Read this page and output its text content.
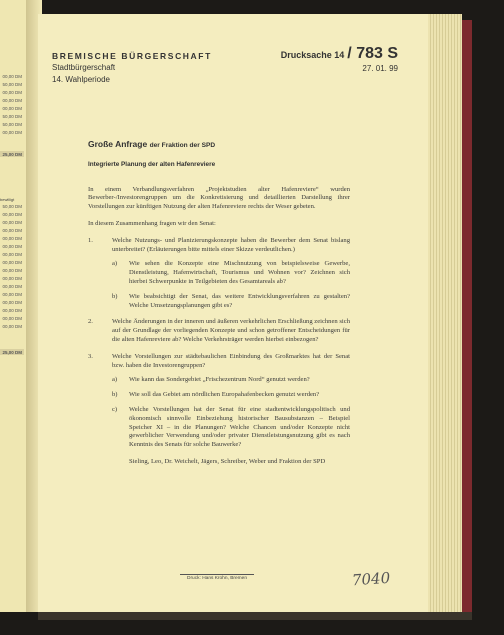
00,00 DM
50,00 DM
00,00 DM
00,00 DM
00,00 DM
50,00 DM
50,00 DM
00,00 DM
25,00 DM
bewilligt
50,00 DM
00,00 DM
00,00 DM
00,00 DM
00,00 DM
00,00 DM
00,00 DM
00,00 DM
00,00 DM
00,00 DM
00,00 DM
00,00 DM
00,00 DM
00,00 DM
00,00 DM
00,00 DM
25,00 DM

BREMISCHE BÜRGERSCHAFT

Stadtbürgerschaft

14. Wahlperiode

Drucksache 14 / 783 S
27. 01. 99

Große Anfrage der Fraktion der SPD

Integrierte Planung der alten Hafenreviere

In einem Verbandlungsverfahren „Projektstudien alter Hafenreviere“ wurden Bewerber-/Investorengruppen um die Konkretisierung und detaillierten Darstellung ihrer Vorstellungen zur künftigen Nutzung der alten Hafenreviere rechts der Weser gebeten.

In diesem Zusammenhang fragen wir den Senat:

1.	Welche Nutzungs- und Planizierungskonzepte haben die Bewerber dem Senat bislang unterbreitet? (Erläuterungen bitte mittels einer Skizze verdeutlichen.)
a) Wie sehen die Konzepte eine Mischnutzung von beispielsweise Gewerbe, Dienstleistung, Hafenwirtschaft, Tourismus und Wohnen vor? Zeichnen sich hierbei Schwerpunkte in Teilgebieten des Gesamtareals ab?
b) Wie beabsichtigt der Senat, das weitere Entwicklungsverfahren zu gestalten? Welche Umsetzungsplanungen gibt es?
2.	Welche Änderungen in der inneren und äußeren verkehrlichen Erschließung zeichnen sich auf der Grundlage der vorliegenden Konzepte und schon getroffener Entscheidungen für die alten Hafenreviere ab? Welche Verkehrsträger werden hierbei einbezogen?
3.	Welche Vorstellungen zur städtebaulichen Einbindung des Großmarktes hat der Senat bzw. haben die Investorengruppen?
a) Wie kann das Sondergebiet „Frischezentrum Nord“ genutzt werden?
b) Wie soll das Gebiet am nördlichen Europahafenbecken genutzt werden?
c) Welche Vorstellungen hat der Senat für eine stadtentwicklungspolitisch und ökonomisch sinnvolle Einbeziehung historischer Bausubstanzen – Beispiel Speicher XI – in die Planungen? Welche Chancen und/oder Konzepte nicht gewerblicher Verwendung und/oder privater Dienstleistungsnutzung gibt es nach Kenntnis des Senats für solche Bauwerke?

Sieling, Leo, Dr. Weichelt, Jägers, Schreiber, Weber und Fraktion der SPD

Druck: Hans Krohn, Bremen	7040
